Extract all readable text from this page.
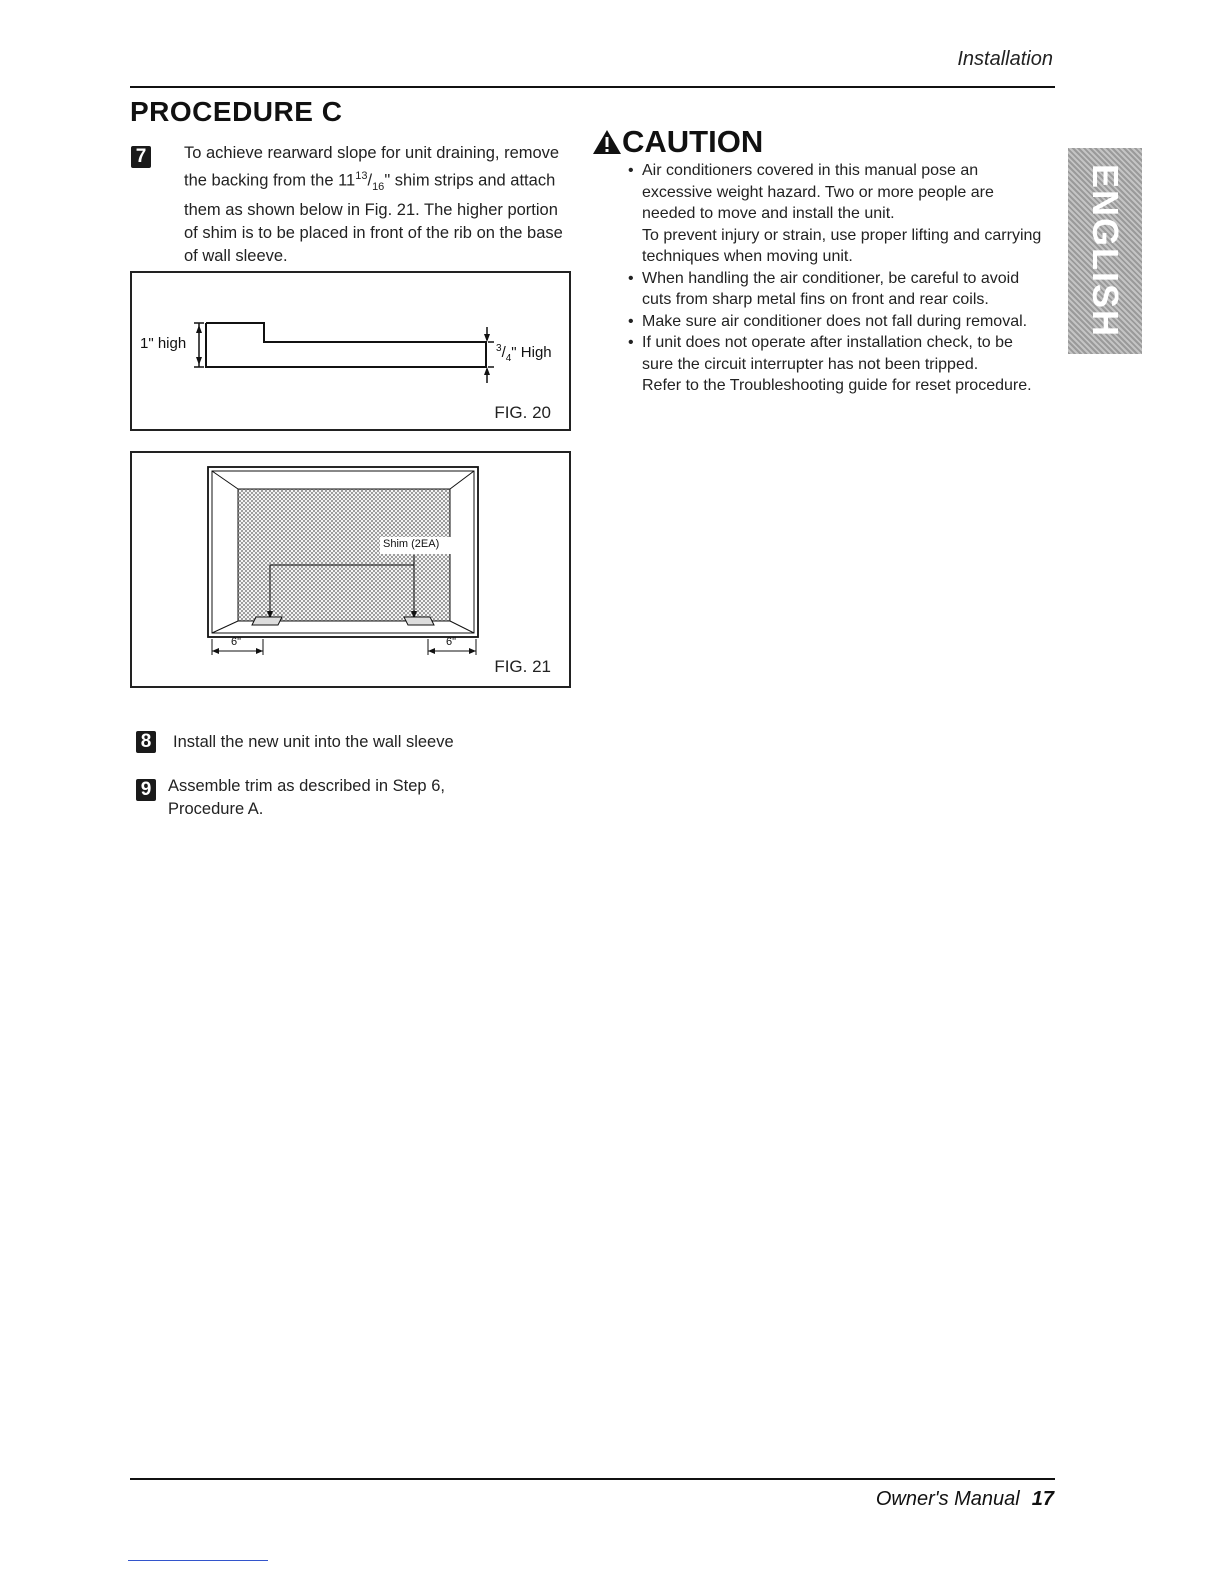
Installation
PROCEDURE C
7 To achieve rearward slope for unit draining, remove the backing from the $11^{13}/_{16}$" shim strips and attach them as shown below in Fig. 21. The higher portion of shim is to be placed in front of the rib on the base of wall sleeve.
1" high	$^3/_4$" High
FIG. 20
Shim (2EA)
6"	6"
FIG. 21
8 Install the new unit into the wall sleeve
9 Assemble trim as described in Step 6,
Procedure A.
CAUTION
• Air conditioners covered in this manual pose an excessive weight hazard. Two or more people are needed to move and install the unit.
To prevent injury or strain, use proper lifting and carrying techniques when moving unit.
• When handling the air conditioner, be careful to avoid cuts from sharp metal fins on front and rear coils.
• Make sure air conditioner does not fall during removal.
• If unit does not operate after installation check, to be sure the circuit interrupter has not been tripped.
Refer to the Troubleshooting guide for reset procedure.
ENGLISH
Owner's Manual 17
